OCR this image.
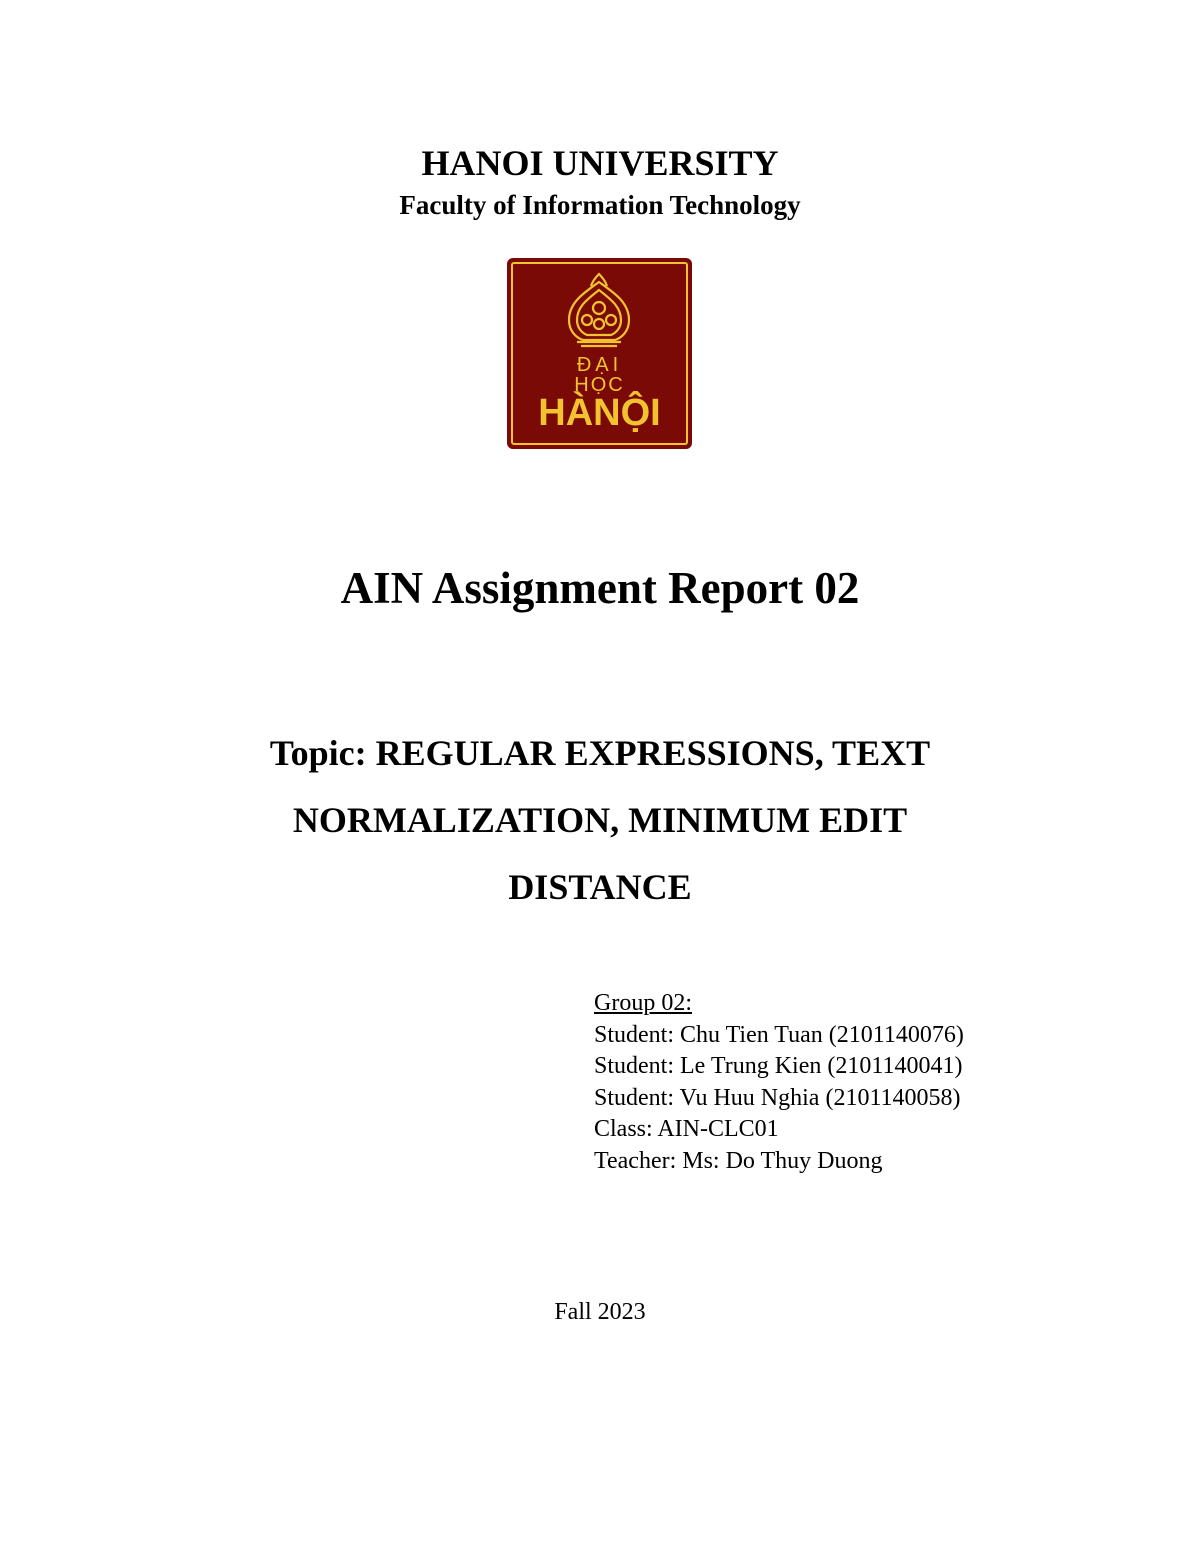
HANOI UNIVERSITY
Faculty of Information Technology
ĐẠI
HỌC
HÀNỘI
AIN Assignment Report 02
Topic: REGULAR EXPRESSIONS, TEXT
NORMALIZATION, MINIMUM EDIT
DISTANCE
Group 02:
Student: Chu Tien Tuan (2101140076)
Student: Le Trung Kien (2101140041)
Student: Vu Huu Nghia (2101140058)
Class: AIN-CLC01
Teacher: Ms: Do Thuy Duong
Fall 2023
